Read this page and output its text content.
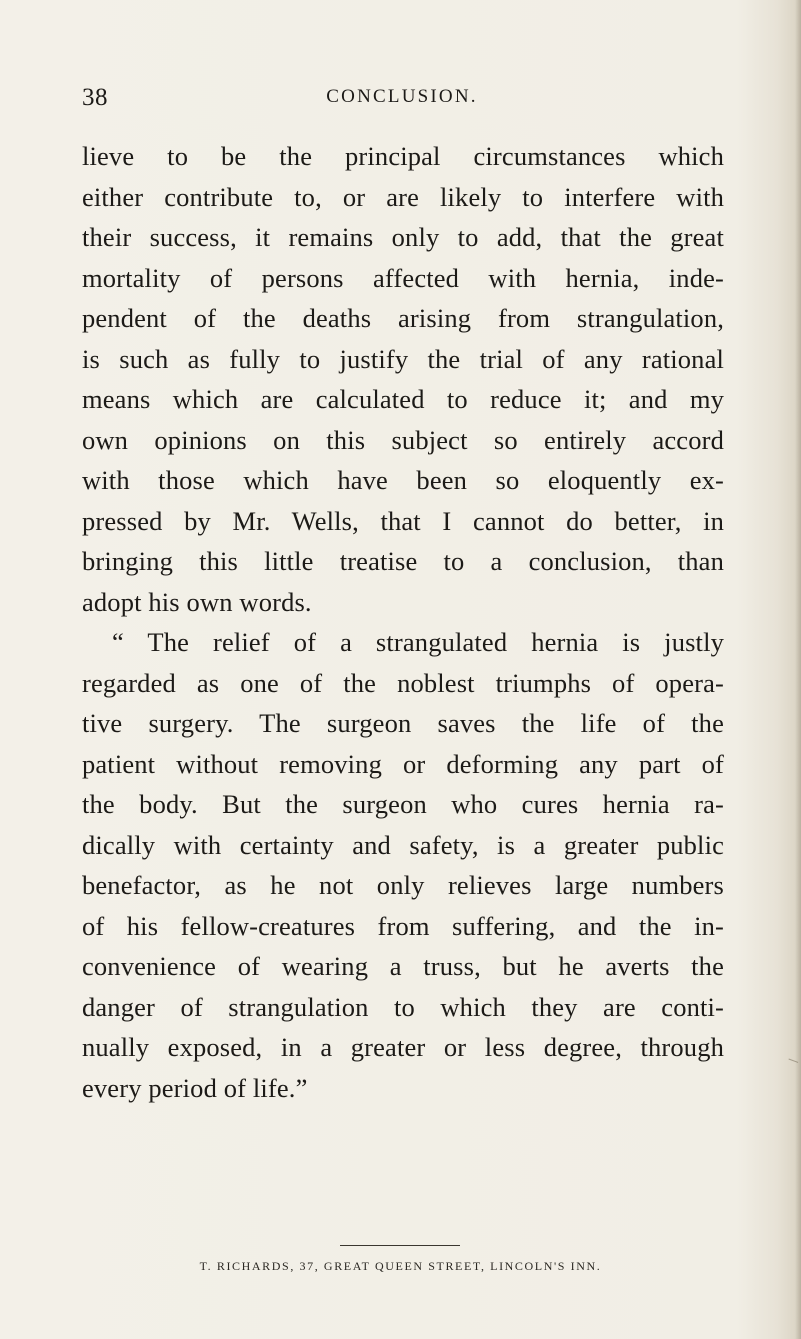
38	CONCLUSION.
lieve to be the principal circumstances which
either contribute to, or are likely to interfere with
their success, it remains only to add, that the great
mortality of persons affected with hernia, inde-
pendent of the deaths arising from strangulation,
is such as fully to justify the trial of any rational
means which are calculated to reduce it; and my
own opinions on this subject so entirely accord
with those which have been so eloquently ex-
pressed by Mr. Wells, that I cannot do better, in
bringing this little treatise to a conclusion, than
adopt his own words.
“ The relief of a strangulated hernia is justly
regarded as one of the noblest triumphs of opera-
tive surgery. The surgeon saves the life of the
patient without removing or deforming any part of
the body. But the surgeon who cures hernia ra-
dically with certainty and safety, is a greater public
benefactor, as he not only relieves large numbers
of his fellow-creatures from suffering, and the in-
convenience of wearing a truss, but he averts the
danger of strangulation to which they are conti-
nually exposed, in a greater or less degree, through
every period of life.”
T. RICHARDS, 37, GREAT QUEEN STREET, LINCOLN'S INN.
